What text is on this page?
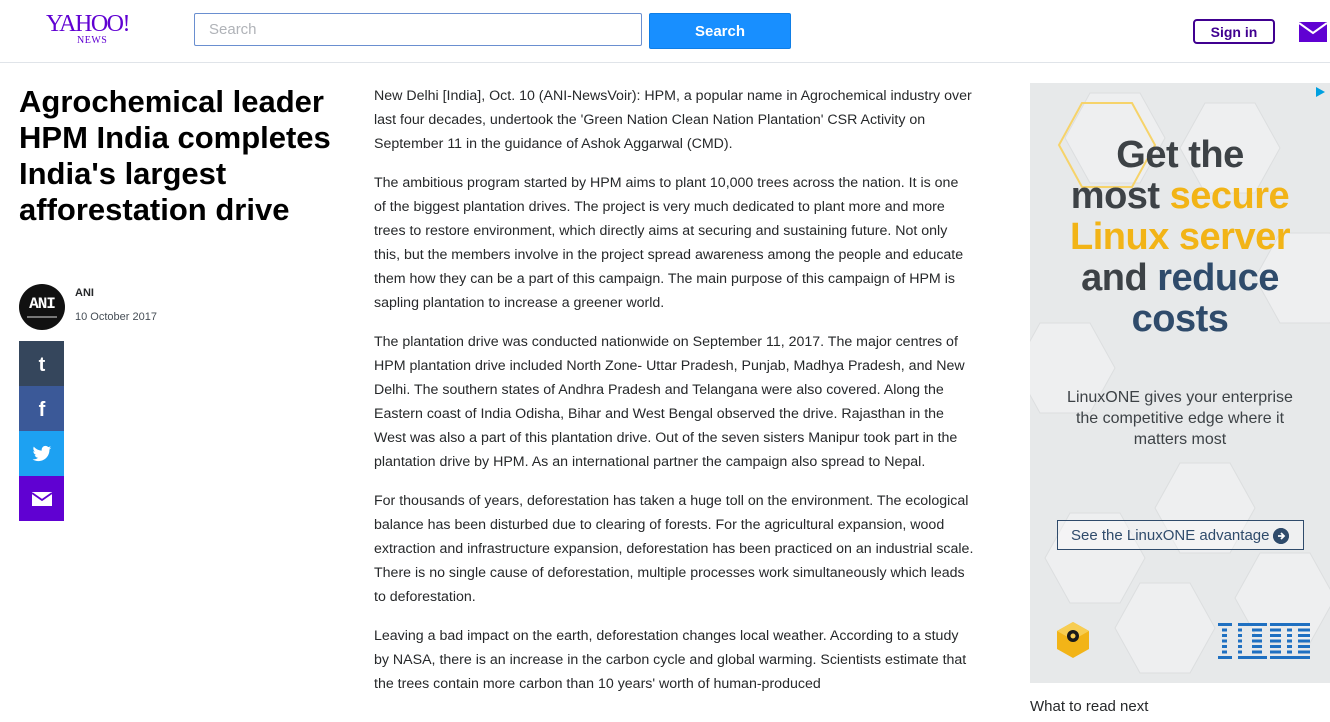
YAHOO!
NEWS
Search
Search	Sign in
Agrochemical leader HPM India completes India's largest afforestation drive
ANI
ANI
10 October 2017
t
f

New Delhi [India], Oct. 10 (ANI-NewsVoir): HPM, a popular name in Agrochemical industry over last four decades, undertook the 'Green Nation Clean Nation Plantation' CSR Activity on September 11 in the guidance of Ashok Aggarwal (CMD).

The ambitious program started by HPM aims to plant 10,000 trees across the nation. It is one of the biggest plantation drives. The project is very much dedicated to plant more and more trees to restore environment, which directly aims at securing and sustaining future. Not only this, but the members involve in the project spread awareness among the people and educate them how they can be a part of this campaign. The main purpose of this campaign of HPM is sapling plantation to increase a greener world.

The plantation drive was conducted nationwide on September 11, 2017. The major centres of HPM plantation drive included North Zone- Uttar Pradesh, Punjab, Madhya Pradesh, and New Delhi. The southern states of Andhra Pradesh and Telangana were also covered. Along the Eastern coast of India Odisha, Bihar and West Bengal observed the drive. Rajasthan in the West was also a part of this plantation drive. Out of the seven sisters Manipur took part in the plantation drive by HPM. As an international partner the campaign also spread to Nepal.

For thousands of years, deforestation has taken a huge toll on the environment. The ecological balance has been disturbed due to clearing of forests. For the agricultural expansion, wood extraction and infrastructure expansion, deforestation has been practiced on an industrial scale. There is no single cause of deforestation, multiple processes work simultaneously which leads to deforestation.

Leaving a bad impact on the earth, deforestation changes local weather. According to a study by NASA, there is an increase in the carbon cycle and global warming. Scientists estimate that the trees contain more carbon than 10 years' worth of human-produced

Get the
most secure
Linux server
and reduce
costs
LinuxONE gives your enterprise the competitive edge where it matters most
See the LinuxONE advantage
What to read next
